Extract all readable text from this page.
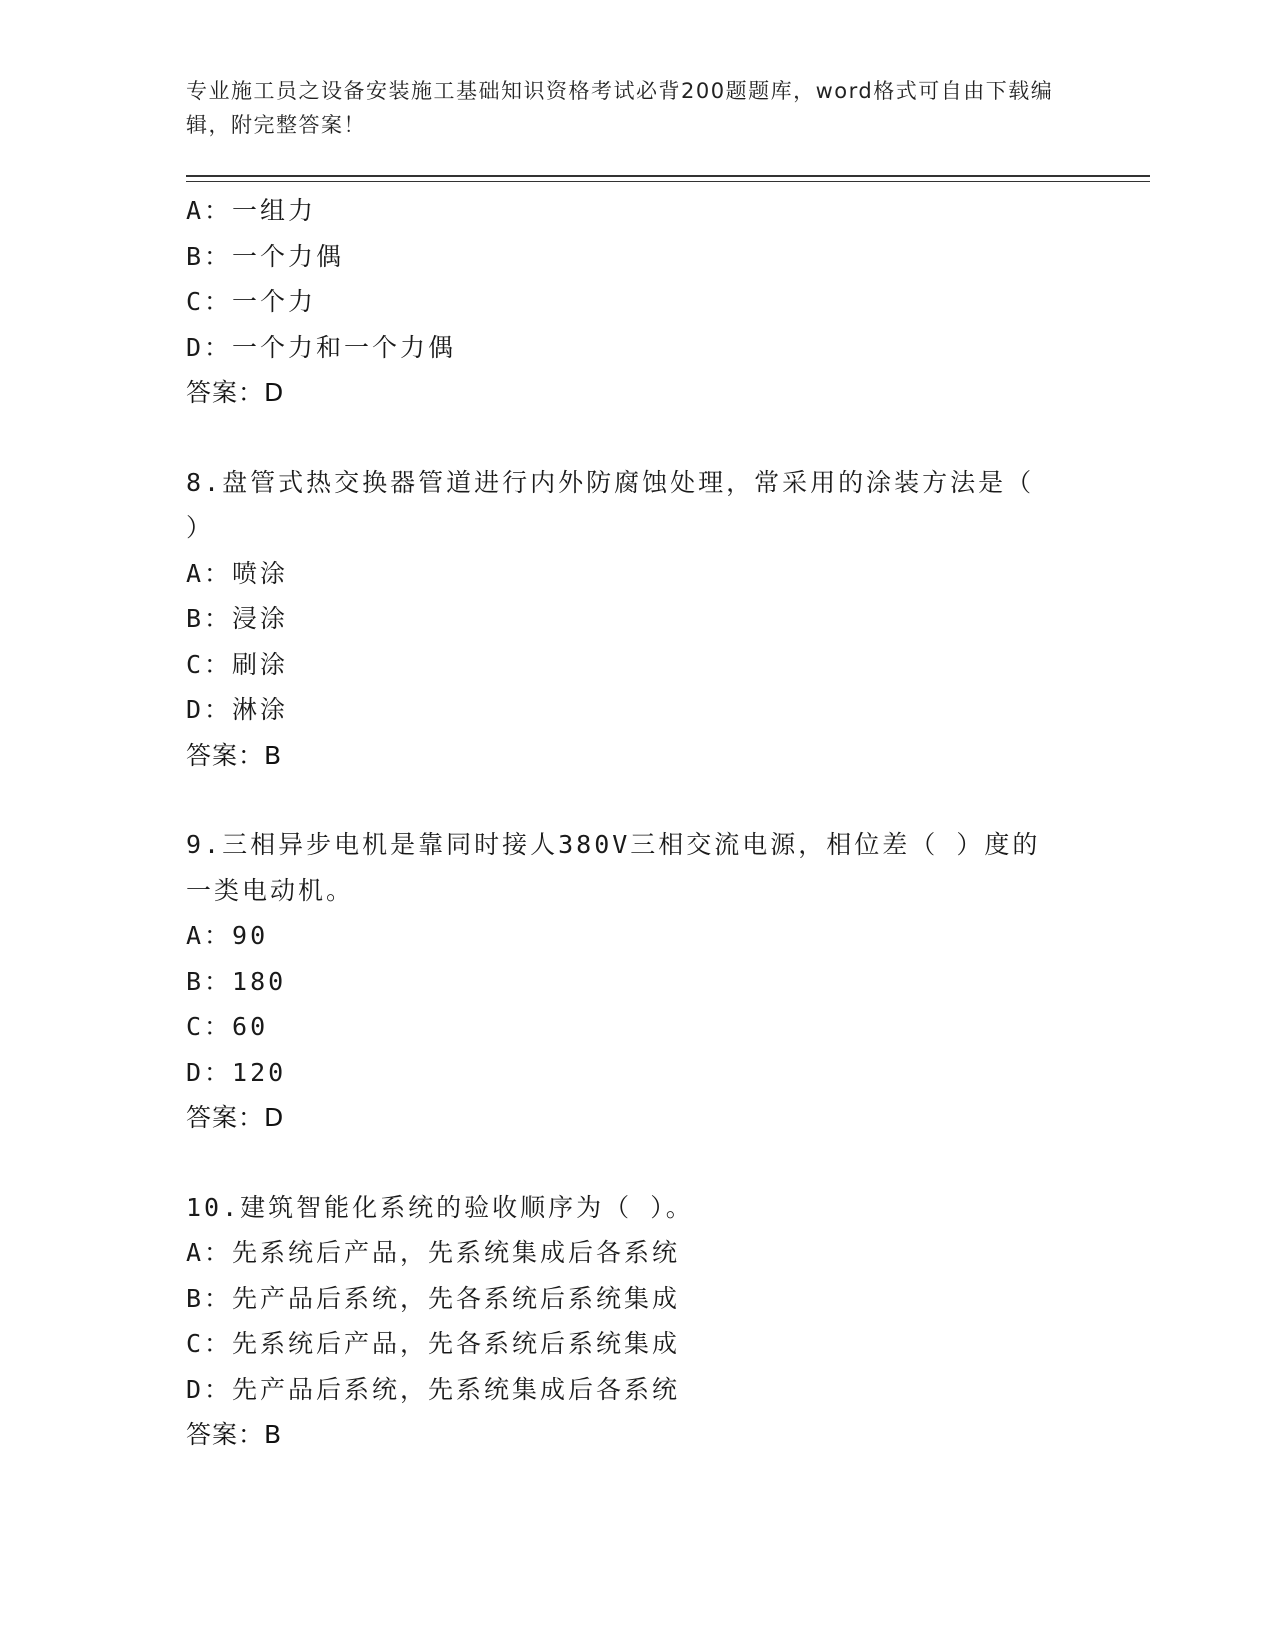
专业施工员之设备安装施工基础知识资格考试必背200题题库，word格式可自由下载编辑，附完整答案！
A：一组力
B：一个力偶
C：一个力
D：一个力和一个力偶
答案：D
8.盘管式热交换器管道进行内外防腐蚀处理，常采用的涂装方法是（ ）
A：喷涂
B：浸涂
C：刷涂
D：淋涂
答案：B
9.三相异步电机是靠同时接人380V三相交流电源，相位差（ ）度的一类电动机。
A：90
B：180
C：60
D：120
答案：D
10.建筑智能化系统的验收顺序为（ ）。
A：先系统后产品，先系统集成后各系统
B：先产品后系统，先各系统后系统集成
C：先系统后产品，先各系统后系统集成
D：先产品后系统，先系统集成后各系统
答案：B
